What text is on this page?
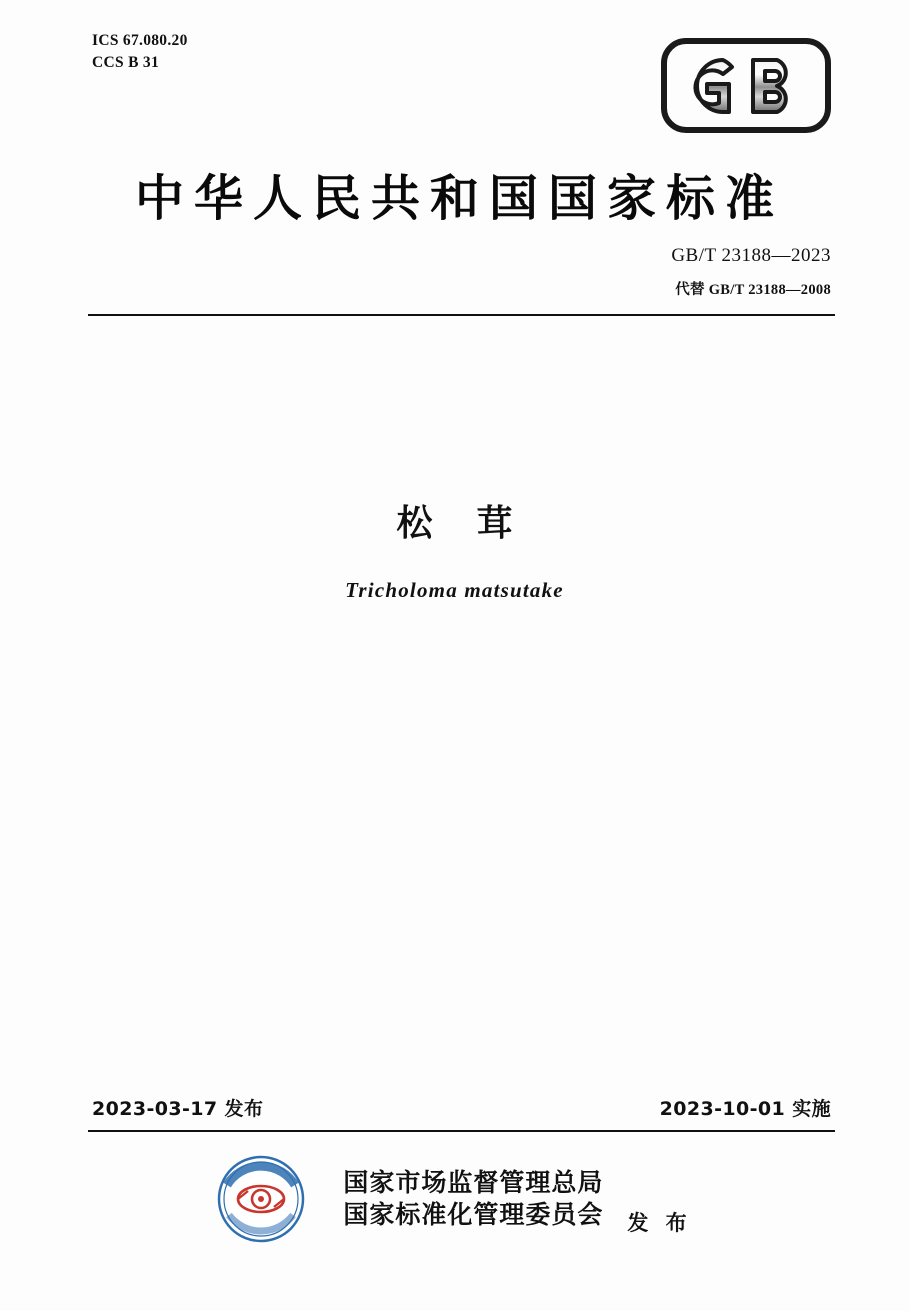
ICS 67.080.20
CCS B 31
中华人民共和国国家标准
GB/T 23188—2023
代替 GB/T 23188—2008
松茸
Tricholoma matsutake
2023-03-17 发布	2023-10-01 实施
国家市场监督管理总局
国家标准化管理委员会 发 布
